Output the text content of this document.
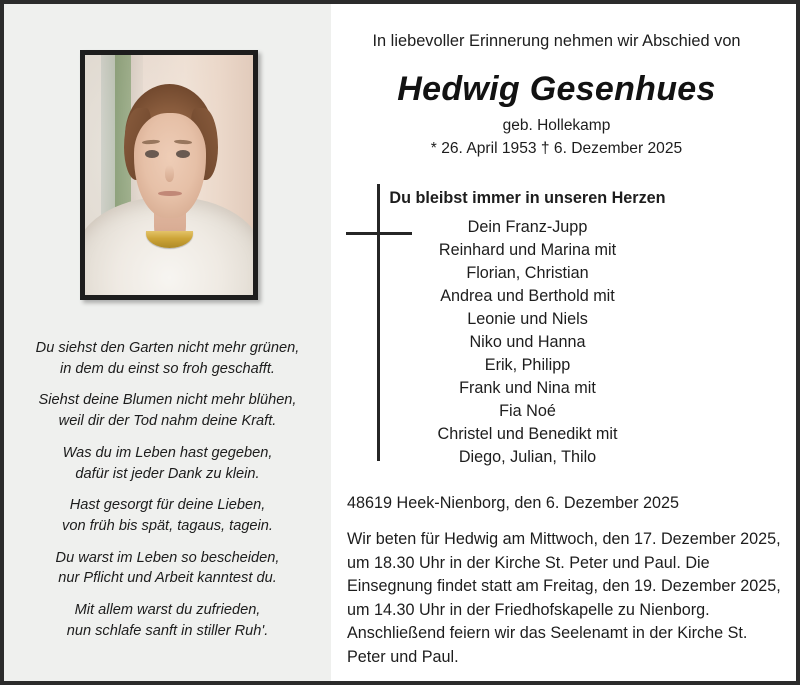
Du siehst den Garten nicht mehr grünen,
in dem du einst so froh geschafft.
Siehst deine Blumen nicht mehr blühen,
weil dir der Tod nahm deine Kraft.
Was du im Leben hast gegeben,
dafür ist jeder Dank zu klein.
Hast gesorgt für deine Lieben,
von früh bis spät, tagaus, tagein.
Du warst im Leben so bescheiden,
nur Pflicht und Arbeit kanntest du.
Mit allem warst du zufrieden,
nun schlafe sanft in stiller Ruh'.
In liebevoller Erinnerung nehmen wir Abschied von
Hedwig Gesenhues
geb. Hollekamp
* 26. April 1953 † 6. Dezember 2025
Du bleibst immer in unseren Herzen
Dein Franz-Jupp
Reinhard und Marina mit
Florian, Christian
Andrea und Berthold mit
Leonie und Niels
Niko und Hanna
Erik, Philipp
Frank und Nina mit
Fia Noé
Christel und Benedikt mit
Diego, Julian, Thilo
48619 Heek-Nienborg, den 6. Dezember 2025
Wir beten für Hedwig am Mittwoch, den 17. Dezember 2025, um 18.30 Uhr in der Kirche St. Peter und Paul. Die Einsegnung findet statt am Freitag, den 19. Dezember 2025, um 14.30 Uhr in der Friedhofskapelle zu Nienborg. Anschließend feiern wir das Seelenamt in der Kirche St. Peter und Paul.
